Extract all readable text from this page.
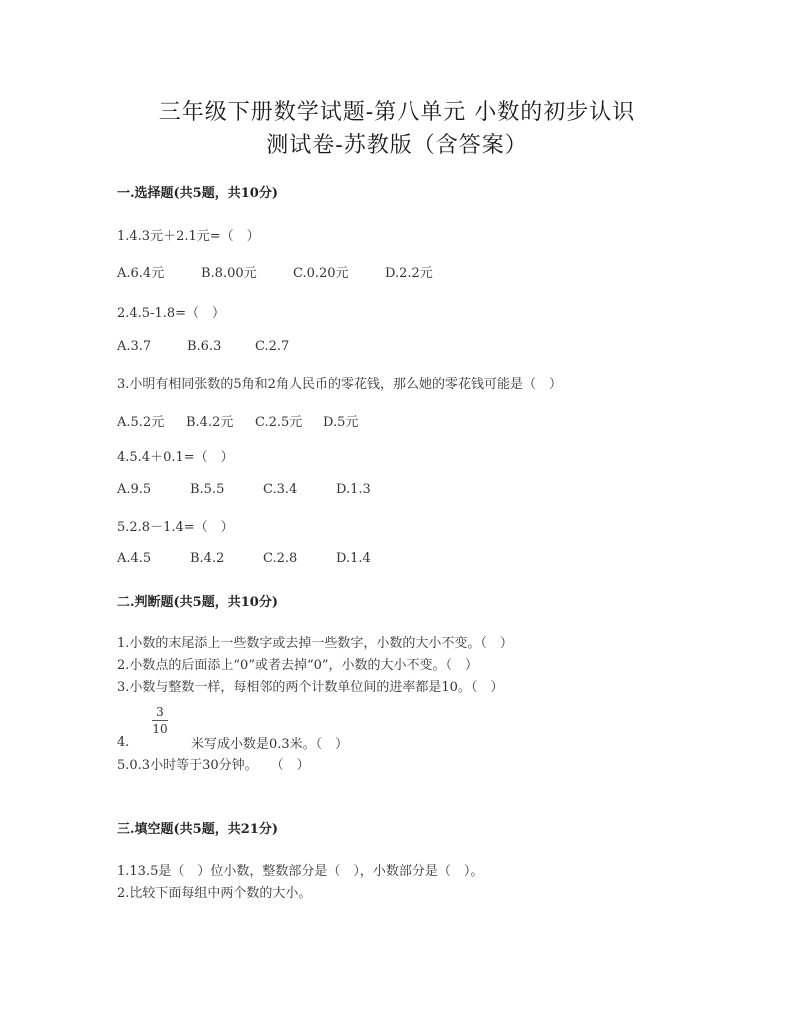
三年级下册数学试题-第八单元 小数的初步认识
测试卷-苏教版（含答案）
一.选择题(共5题，共10分)
1.4.3元＋2.1元=（　）
A.6.4元	B.8.00元	C.0.20元	D.2.2元
2.4.5-1.8=（　）
A.3.7	B.6.3	C.2.7
3.小明有相同张数的5角和2角人民币的零花钱，那么她的零花钱可能是（　）
A.5.2元 B.4.2元 C.2.5元 D.5元
4.5.4＋0.1=（　）
A.9.5	B.5.5	C.3.4	D.1.3
5.2.8－1.4=（　）
A.4.5	B.4.2	C.2.8	D.1.4
二.判断题(共5题，共10分)
1.小数的末尾添上一些数字或去掉一些数字，小数的大小不变。（　）
2.小数点的后面添上“0”或者去掉“0”，小数的大小不变。（　）
3.小数与整数一样，每相邻的两个计数单位间的进率都是10。（　）
3
10
4.	米写成小数是0.3米。（　）
5.0.3小时等于30分钟。　　（　）
三.填空题(共5题，共21分)
1.13.5是（　）位小数，整数部分是（　），小数部分是（　）。
2.比较下面每组中两个数的大小。
